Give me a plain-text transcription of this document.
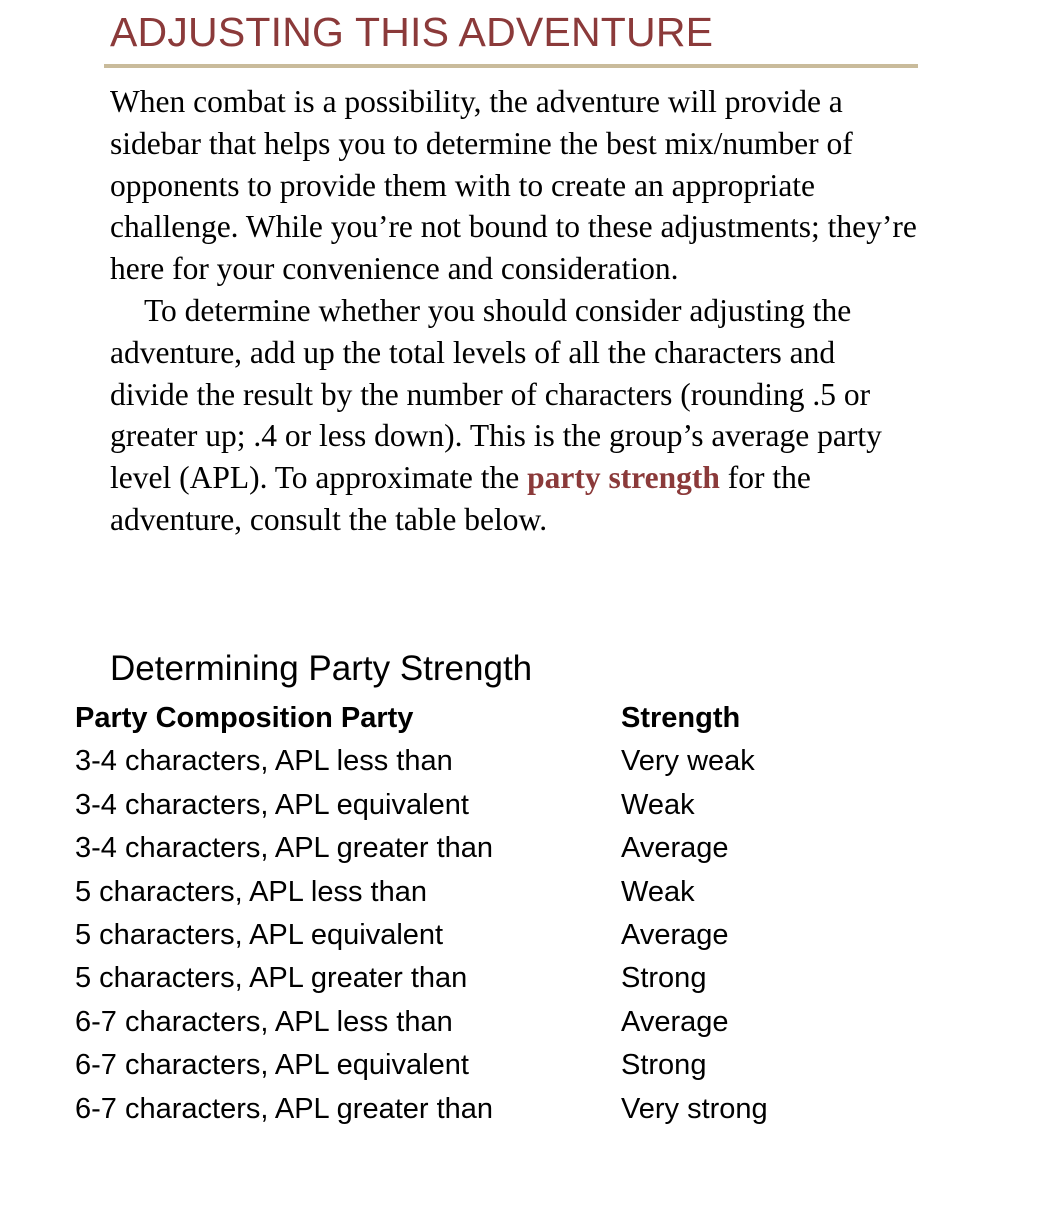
ADJUSTING THIS ADVENTURE

When combat is a possibility, the adventure will provide a sidebar that helps you to determine the best mix/number of opponents to provide them with to create an appropriate challenge. While you’re not bound to these adjustments; they’re here for your convenience and consideration.

To determine whether you should consider adjusting the adventure, add up the total levels of all the characters and divide the result by the number of characters (rounding .5 or greater up; .4 or less down). This is the group’s average party level (APL). To approximate the party strength for the adventure, consult the table below.

Determining Party Strength
Party Composition Party	Strength
3-4 characters, APL less than	Very weak
3-4 characters, APL equivalent	Weak
3-4 characters, APL greater than	Average
5 characters, APL less than	Weak
5 characters, APL equivalent	Average
5 characters, APL greater than	Strong
6-7 characters, APL less than	Average
6-7 characters, APL equivalent	Strong
6-7 characters, APL greater than	Very strong
